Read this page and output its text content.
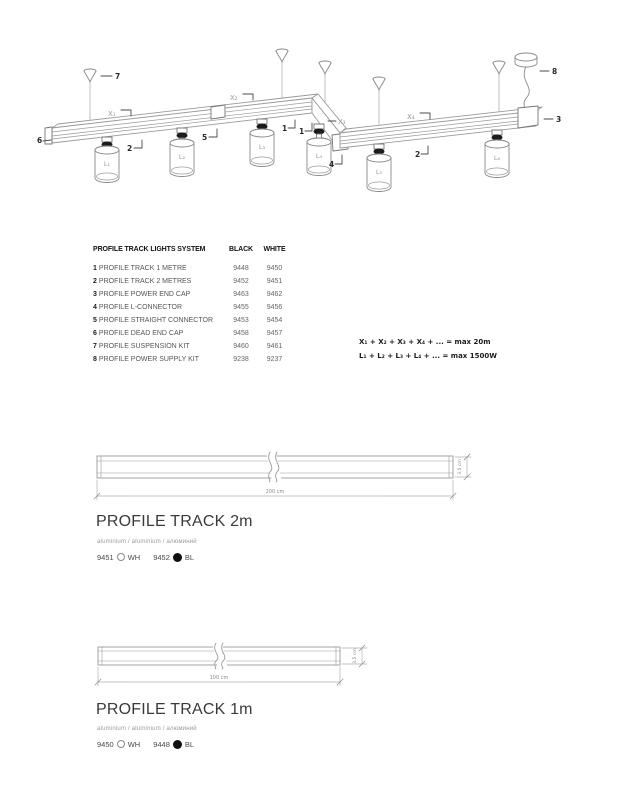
L₁
L₂
L₃
L₄
L₅
L₆
7
8
3
6
2
5
1 1
4
2
X₁
X₂
X₃
X₄
200 cm
3.5 cm
100 cm
3.5 cm
PROFILE TRACK LIGHTS SYSTEM	BLACK	WHITE
1 PROFILE TRACK 1 METRE	9448	9450
2 PROFILE TRACK 2 METRES	9452	9451
3 PROFILE POWER END CAP	9463	9462
4 PROFILE L-CONNECTOR	9455	9456
5 PROFILE STRAIGHT CONNECTOR	9453	9454
6 PROFILE DEAD END CAP	9458	9457
7 PROFILE SUSPENSION KIT	9460	9461
8 PROFILE POWER SUPPLY KIT	9238	9237
X₁ + X₂ + X₃ + X₄ + ... = max 20m
L₁ + L₂ + L₃ + L₄ + ... = max 1500W
PROFILE TRACK 2m
aluminium / aluminium / алюминий
9451 WH 9452 BL
PROFILE TRACK 1m
aluminium / aluminium / алюминий
9450 WH 9448 BL
